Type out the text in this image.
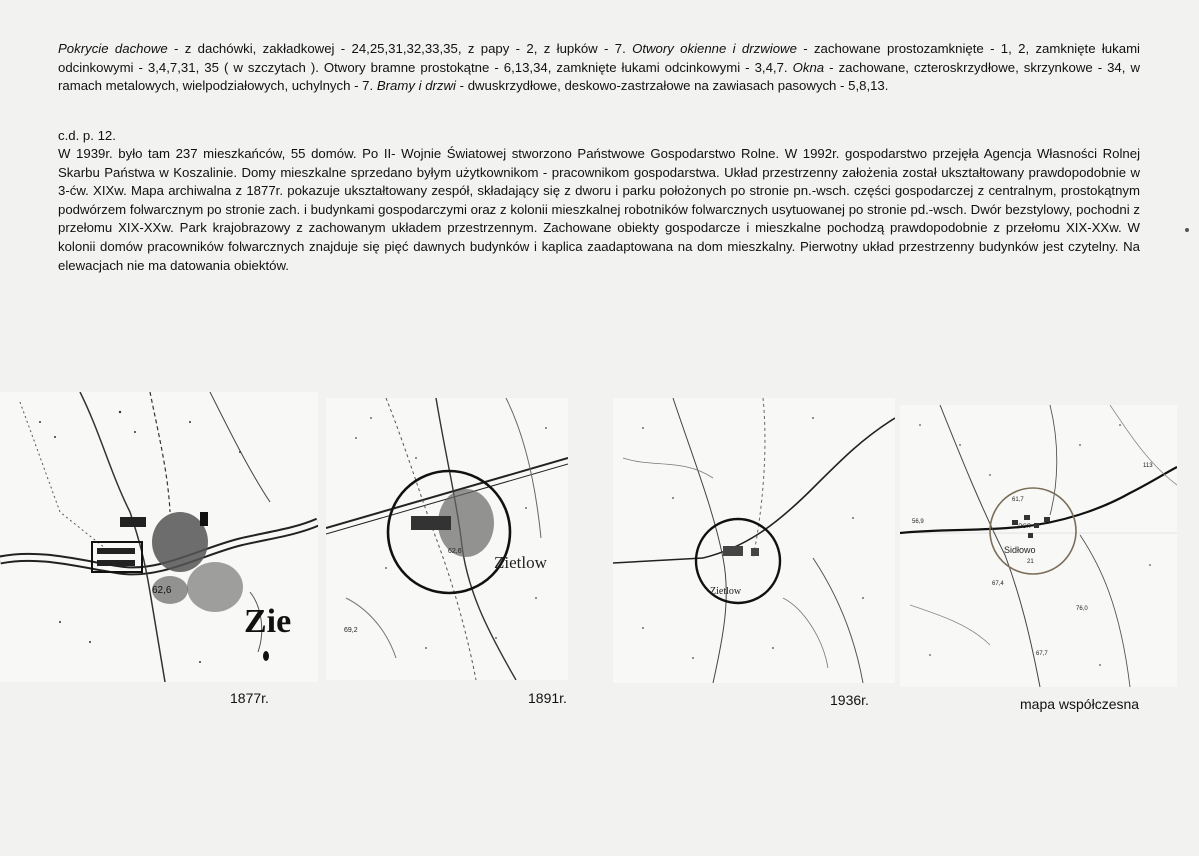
Pokrycie dachowe - z dachówki, zakładkowej - 24,25,31,32,33,35, z papy - 2, z łupków - 7. Otwory okienne i drzwiowe - zachowane prostozamknięte - 1, 2, zamknięte łukami odcinkowymi - 3,4,7,31, 35 ( w szczytach ). Otwory bramne prostokątne - 6,13,34, zamknięte łukami odcinkowymi - 3,4,7. Okna - zachowane, czteroskrzydłowe, skrzynkowe - 34, w ramach metalowych, wielpodziałowych, uchylnych - 7. Bramy i drzwi - dwuskrzydłowe, deskowo-zastrzałowe na zawiasach pasowych - 5,8,13.

c.d. p. 12.

W 1939r. było tam 237 mieszkańców, 55 domów. Po II- Wojnie Światowej stworzono Państwowe Gospodarstwo Rolne. W 1992r. gospodarstwo przejęła Agencja Własności Rolnej Skarbu Państwa w Koszalinie. Domy mieszkalne sprzedano byłym użytkownikom - pracownikom gospodarstwa. Układ przestrzenny założenia został ukształtowany prawdopodobnie w 3-ćw. XIXw. Mapa archiwalna z 1877r. pokazuje ukształtowany zespół, składający się z dworu i parku położonych po stronie pn.-wsch. części gospodarczej z centralnym, prostokątnym podwórzem folwarcznym po stronie zach. i budynkami gospodarczymi oraz z kolonii mieszkalnej robotników folwarcznych usytuowanej po stronie pd.-wsch. Dwór bezstylowy, pochodni z przełomu XIX-XXw. Park krajobrazowy z zachowanym układem przestrzennym. Zachowane obiekty gospodarcze i mieszkalne pochodzą prawdopodobnie z przełomu XIX-XXw. W kolonii domów pracowników folwarcznych znajduje się pięć dawnych budynków i kaplica zaadaptowana na dom mieszkalny. Pierwotny układ przestrzenny budynków jest czytelny. Na elewacjach nie ma datowania obiektów.

Zie
62,6
1877r.
Zietlow
62,6
69,2
1891r.
Zietlow
1936r.
Sidłowo
21
PGR
61,7
56,9
67,4
76,0
67,7
113
mapa współczesna
